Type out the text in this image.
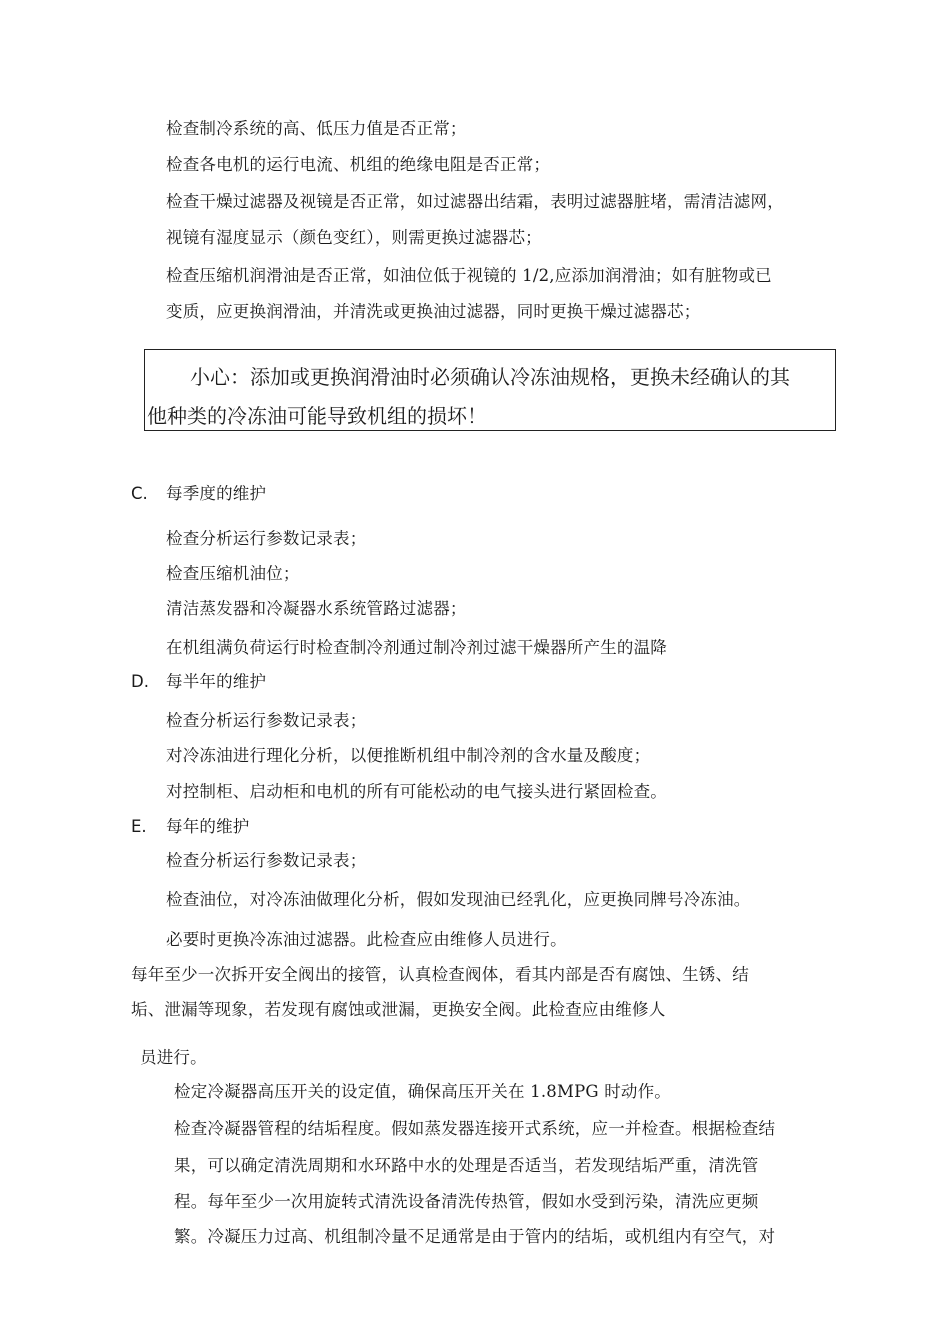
检查制冷系统的高、低压力值是否正常；
检查各电机的运行电流、机组的绝缘电阻是否正常；
检查干燥过滤器及视镜是否正常，如过滤器出结霜，表明过滤器脏堵，需清洁滤网，
视镜有湿度显示（颜色变红），则需更换过滤器芯；
检查压缩机润滑油是否正常，如油位低于视镜的 1/2,应添加润滑油；如有脏物或已
变质，应更换润滑油，并清洗或更换油过滤器，同时更换干燥过滤器芯；
小心：添加或更换润滑油时必须确认冷冻油规格，更换未经确认的其
他种类的冷冻油可能导致机组的损坏！
C. 每季度的维护
检查分析运行参数记录表；
检查压缩机油位；
清洁蒸发器和冷凝器水系统管路过滤器；
在机组满负荷运行时检查制冷剂通过制冷剂过滤干燥器所产生的温降
D. 每半年的维护
检查分析运行参数记录表；
对冷冻油进行理化分析，以便推断机组中制冷剂的含水量及酸度；
对控制柜、启动柜和电机的所有可能松动的电气接头进行紧固检查。
E. 每年的维护
检查分析运行参数记录表；
检查油位，对冷冻油做理化分析，假如发现油已经乳化，应更换同牌号冷冻油。
必要时更换冷冻油过滤器。此检查应由维修人员进行。
每年至少一次拆开安全阀出的接管，认真检查阀体，看其内部是否有腐蚀、生锈、结
垢、泄漏等现象，若发现有腐蚀或泄漏，更换安全阀。此检查应由维修人
员进行。
检定冷凝器高压开关的设定值，确保高压开关在 1.8MPG 时动作。
检查冷凝器管程的结垢程度。假如蒸发器连接开式系统，应一并检查。根据检查结
果，可以确定清洗周期和水环路中水的处理是否适当，若发现结垢严重，清洗管
程。每年至少一次用旋转式清洗设备清洗传热管，假如水受到污染，清洗应更频
繁。冷凝压力过高、机组制冷量不足通常是由于管内的结垢，或机组内有空气，对
